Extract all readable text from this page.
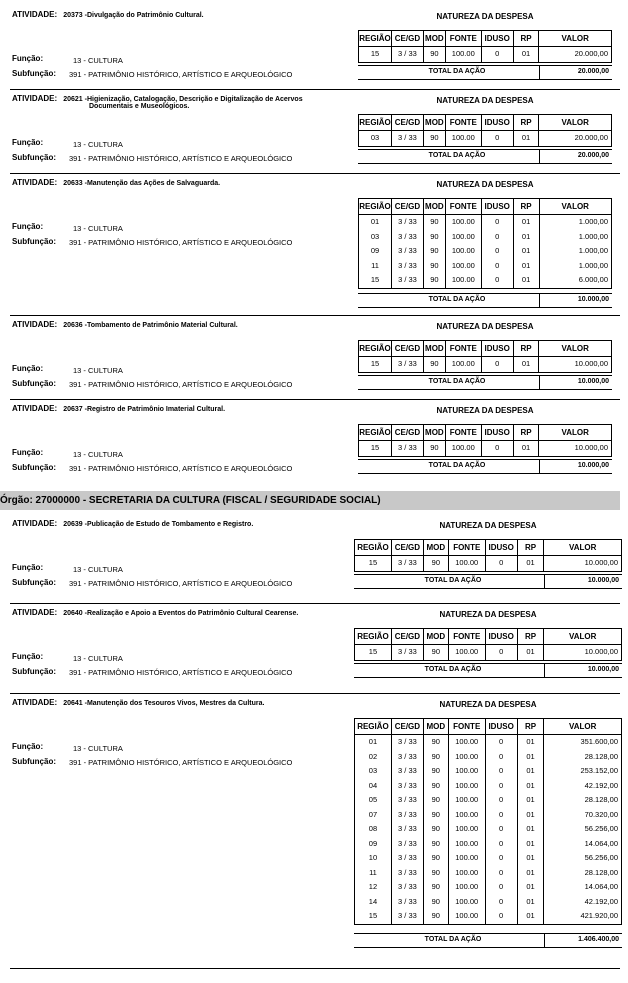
Órgão: 27000000 - SECRETARIA DA CULTURA (FISCAL / SEGURIDADE SOCIAL)
ATIVIDADE: 20373 -Divulgação do Patrimônio Cultural.	NATUREZA DA DESPESA
REGIÃO	CE/GD	MOD	FONTE	IDUSO	RP	VALOR
15	3 / 33	90	100.00	0	01	20.000,00
TOTAL DA AÇÃO	20.000,00
Função:	13 - CULTURA
Subfunção: 391 - PATRIMÔNIO HISTÓRICO, ARTÍSTICO E ARQUEOLÓGICO
ATIVIDADE: 20621 -Higienização, Catalogação, Descrição e Digitalização de Acervos
Documentais e Museológicos.
NATUREZA DA DESPESA
REGIÃO	CE/GD	MOD	FONTE	IDUSO	RP	VALOR
03	3 / 33	90	100.00	0	01	20.000,00
TOTAL DA AÇÃO	20.000,00
Função:	13 - CULTURA
Subfunção: 391 - PATRIMÔNIO HISTÓRICO, ARTÍSTICO E ARQUEOLÓGICO
ATIVIDADE: 20633 -Manutenção das Ações de Salvaguarda.	NATUREZA DA DESPESA
REGIÃO	CE/GD	MOD	FONTE	IDUSO	RP	VALOR
01	3 / 33	90	100.00	0	01	1.000,00
03	3 / 33	90	100.00	0	01	1.000,00
09	3 / 33	90	100.00	0	01	1.000,00
11	3 / 33	90	100.00	0	01	1.000,00
15	3 / 33	90	100.00	0	01	6.000,00
TOTAL DA AÇÃO	10.000,00
Função:	13 - CULTURA
Subfunção: 391 - PATRIMÔNIO HISTÓRICO, ARTÍSTICO E ARQUEOLÓGICO
ATIVIDADE: 20636 -Tombamento de Patrimônio Material Cultural.	NATUREZA DA DESPESA
REGIÃO	CE/GD	MOD	FONTE	IDUSO	RP	VALOR
15	3 / 33	90	100.00	0	01	10.000,00
TOTAL DA AÇÃO	10.000,00
Função:	13 - CULTURA
Subfunção: 391 - PATRIMÔNIO HISTÓRICO, ARTÍSTICO E ARQUEOLÓGICO
ATIVIDADE: 20637 -Registro de Patrimônio Imaterial Cultural.	NATUREZA DA DESPESA
REGIÃO	CE/GD	MOD	FONTE	IDUSO	RP	VALOR
15	3 / 33	90	100.00	0	01	10.000,00
TOTAL DA AÇÃO	10.000,00
Função:	13 - CULTURA
Subfunção: 391 - PATRIMÔNIO HISTÓRICO, ARTÍSTICO E ARQUEOLÓGICO
ATIVIDADE: 20639 -Publicação de Estudo de Tombamento e Registro.	NATUREZA DA DESPESA
REGIÃO	CE/GD	MOD	FONTE	IDUSO	RP	VALOR
15	3 / 33	90	100.00	0	01	10.000,00
TOTAL DA AÇÃO	10.000,00
Função:	13 - CULTURA
Subfunção: 391 - PATRIMÔNIO HISTÓRICO, ARTÍSTICO E ARQUEOLÓGICO
ATIVIDADE: 20640 -Realização e Apoio a Eventos do Patrimônio Cultural Cearense.	NATUREZA DA DESPESA
REGIÃO	CE/GD	MOD	FONTE	IDUSO	RP	VALOR
15	3 / 33	90	100.00	0	01	10.000,00
TOTAL DA AÇÃO	10.000,00
Função:	13 - CULTURA
Subfunção: 391 - PATRIMÔNIO HISTÓRICO, ARTÍSTICO E ARQUEOLÓGICO
ATIVIDADE: 20641 -Manutenção dos Tesouros Vivos, Mestres da Cultura.	NATUREZA DA DESPESA
REGIÃO	CE/GD	MOD	FONTE	IDUSO	RP	VALOR
01	3 / 33	90	100.00	0	01	351.600,00
02	3 / 33	90	100.00	0	01	28.128,00
03	3 / 33	90	100.00	0	01	253.152,00
04	3 / 33	90	100.00	0	01	42.192,00
05	3 / 33	90	100.00	0	01	28.128,00
07	3 / 33	90	100.00	0	01	70.320,00
08	3 / 33	90	100.00	0	01	56.256,00
09	3 / 33	90	100.00	0	01	14.064,00
10	3 / 33	90	100.00	0	01	56.256,00
11	3 / 33	90	100.00	0	01	28.128,00
12	3 / 33	90	100.00	0	01	14.064,00
14	3 / 33	90	100.00	0	01	42.192,00
15	3 / 33	90	100.00	0	01	421.920,00
TOTAL DA AÇÃO	1.406.400,00
Função:	13 - CULTURA
Subfunção: 391 - PATRIMÔNIO HISTÓRICO, ARTÍSTICO E ARQUEOLÓGICO
